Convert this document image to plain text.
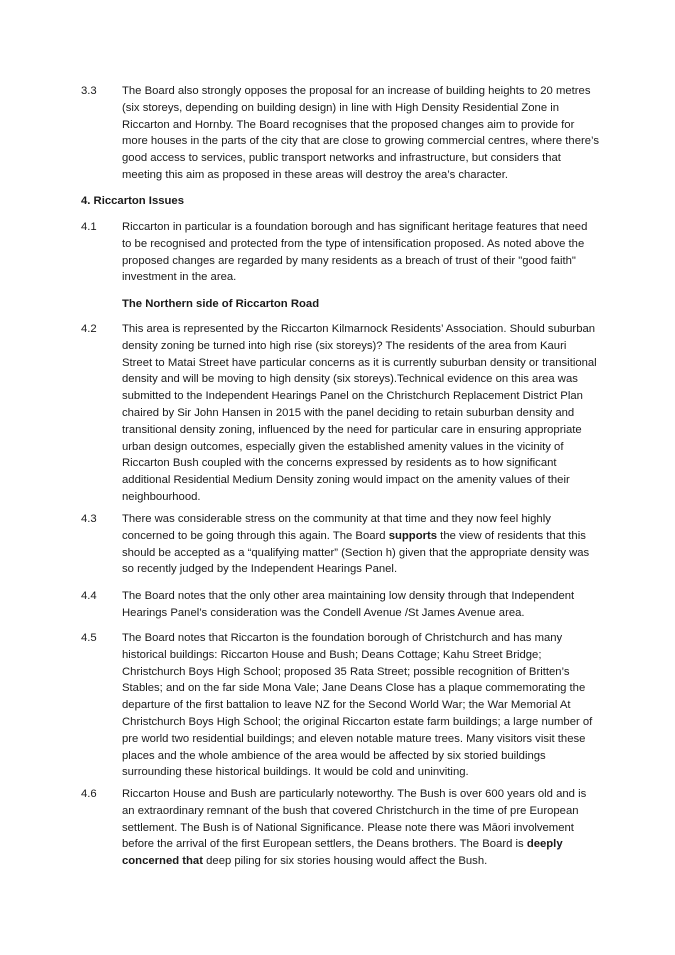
3.3	The Board also strongly opposes the proposal for an increase of building heights to 20 metres (six storeys, depending on building design) in line with High Density Residential Zone in Riccarton and Hornby. The Board recognises that the proposed changes aim to provide for more houses in the parts of the city that are close to growing commercial centres, where there’s good access to services, public transport networks and infrastructure, but considers that meeting this aim as proposed in these areas will destroy the area’s character.
4. Riccarton Issues
4.1	Riccarton in particular is a foundation borough and has significant heritage features that need to be recognised and protected from the type of intensification proposed. As noted above the proposed changes are regarded by many residents as a breach of trust of their "good faith" investment in the area.
The Northern side of Riccarton Road
4.2	This area is represented by the Riccarton Kilmarnock Residents’ Association. Should suburban density zoning be turned into high rise (six storeys)? The residents of the area from Kauri Street to Matai Street have particular concerns as it is currently suburban density or transitional density and will be moving to high density (six storeys).Technical evidence on this area was submitted to the Independent Hearings Panel on the Christchurch Replacement District Plan chaired by Sir John Hansen in 2015 with the panel deciding to retain suburban density and transitional density zoning, influenced by the need for particular care in ensuring appropriate urban design outcomes, especially given the established amenity values in the vicinity of Riccarton Bush coupled with the concerns expressed by residents as to how significant additional Residential Medium Density zoning would impact on the amenity values of their neighbourhood.
4.3	There was considerable stress on the community at that time and they now feel highly concerned to be going through this again. The Board supports the view of residents that this should be accepted as a “qualifying matter” (Section h) given that the appropriate density was so recently judged by the Independent Hearings Panel.
4.4	The Board notes that the only other area maintaining low density through that Independent Hearings Panel’s consideration was the Condell Avenue /St James Avenue area.
4.5	The Board notes that Riccarton is the foundation borough of Christchurch and has many historical buildings: Riccarton House and Bush; Deans Cottage; Kahu Street Bridge; Christchurch Boys High School; proposed 35 Rata Street; possible recognition of Britten’s Stables; and on the far side Mona Vale; Jane Deans Close has a plaque commemorating the departure of the first battalion to leave NZ for the Second World War; the War Memorial At Christchurch Boys High School; the original Riccarton estate farm buildings; a large number of pre world two residential buildings; and eleven notable mature trees. Many visitors visit these places and the whole ambience of the area would be affected by six storied buildings surrounding these historical buildings. It would be cold and uninviting.
4.6	Riccarton House and Bush are particularly noteworthy. The Bush is over 600 years old and is an extraordinary remnant of the bush that covered Christchurch in the time of pre European settlement. The Bush is of National Significance. Please note there was Māori involvement before the arrival of the first European settlers, the Deans brothers. The Board is deeply concerned that deep piling for six stories housing would affect the Bush.
